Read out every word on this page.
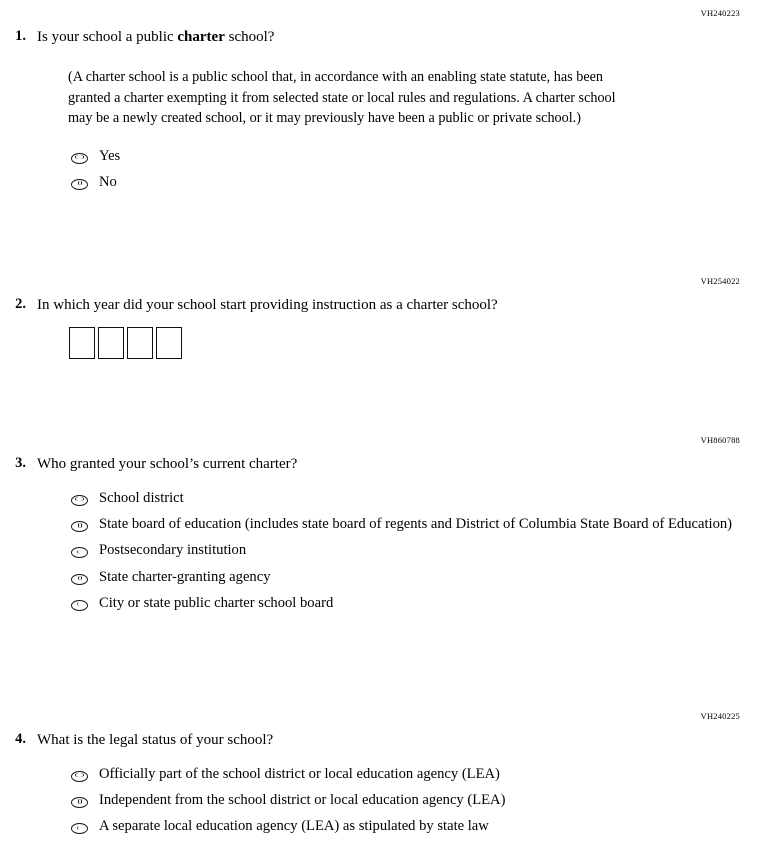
VH240223
1. Is your school a public charter school?
(A charter school is a public school that, in accordance with an enabling state statute, has been granted a charter exempting it from selected state or local rules and regulations. A charter school may be a newly created school, or it may previously have been a public or private school.)
Yes
No
VH254022
2. In which year did your school start providing instruction as a charter school?
VH860788
3. Who granted your school’s current charter?
School district
State board of education (includes state board of regents and District of Columbia State Board of Education)
Postsecondary institution
State charter-granting agency
City or state public charter school board
VH240225
4. What is the legal status of your school?
Officially part of the school district or local education agency (LEA)
Independent from the school district or local education agency (LEA)
A separate local education agency (LEA) as stipulated by state law
